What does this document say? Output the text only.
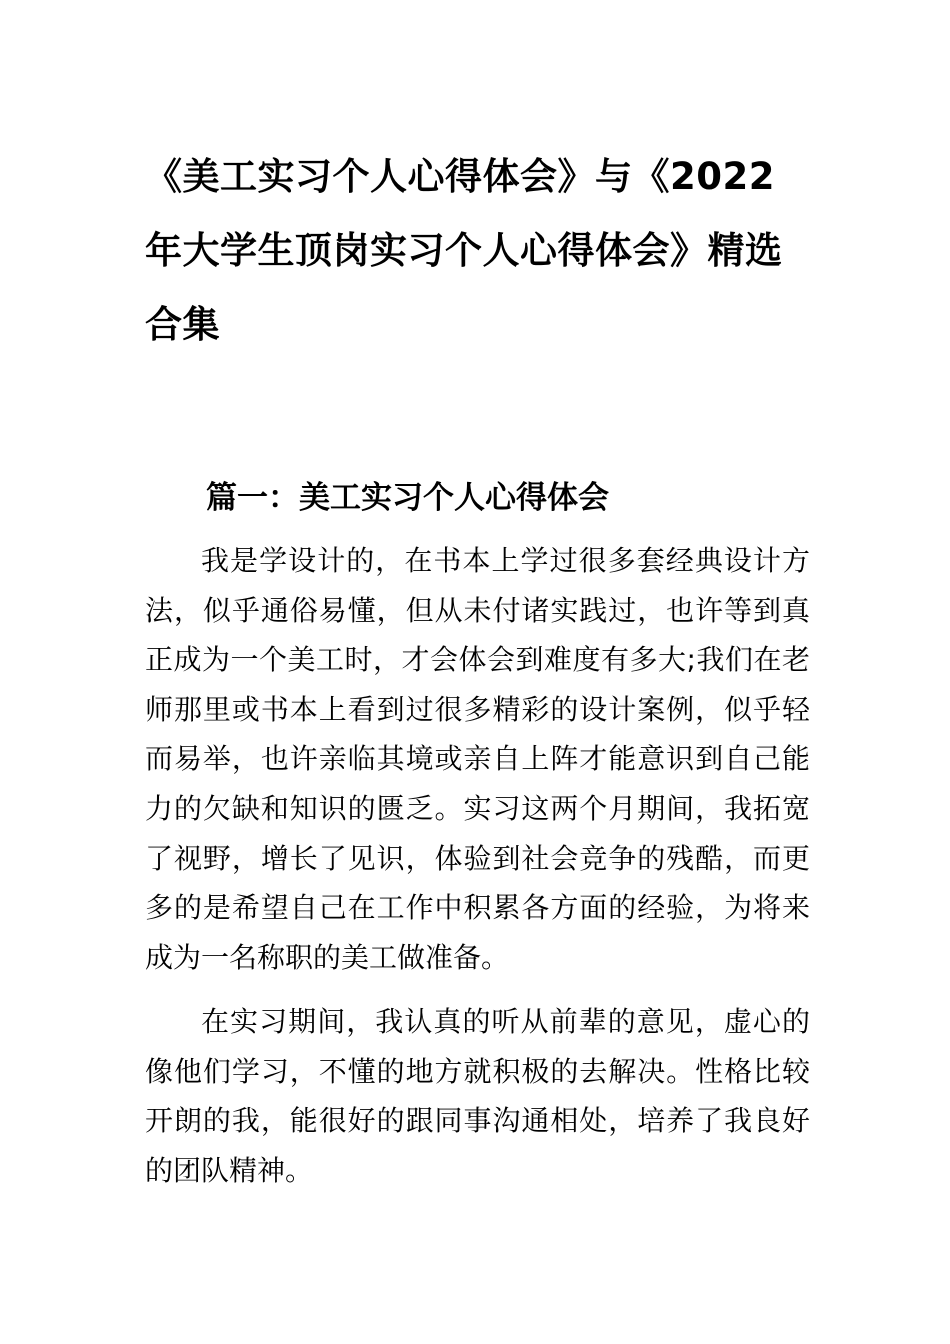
《美工实习个人心得体会》与《2022年大学生顶岗实习个人心得体会》精选合集
篇一：美工实习个人心得体会

我是学设计的，在书本上学过很多套经典设计方法，似乎通俗易懂，但从未付诸实践过，也许等到真正成为一个美工时，才会体会到难度有多大;我们在老师那里或书本上看到过很多精彩的设计案例，似乎轻而易举，也许亲临其境或亲自上阵才能意识到自己能力的欠缺和知识的匮乏。实习这两个月期间，我拓宽了视野，增长了见识，体验到社会竞争的残酷，而更多的是希望自己在工作中积累各方面的经验，为将来成为一名称职的美工做准备。

在实习期间，我认真的听从前辈的意见，虚心的像他们学习，不懂的地方就积极的去解决。性格比较开朗的我，能很好的跟同事沟通相处，培养了我良好的团队精神。
